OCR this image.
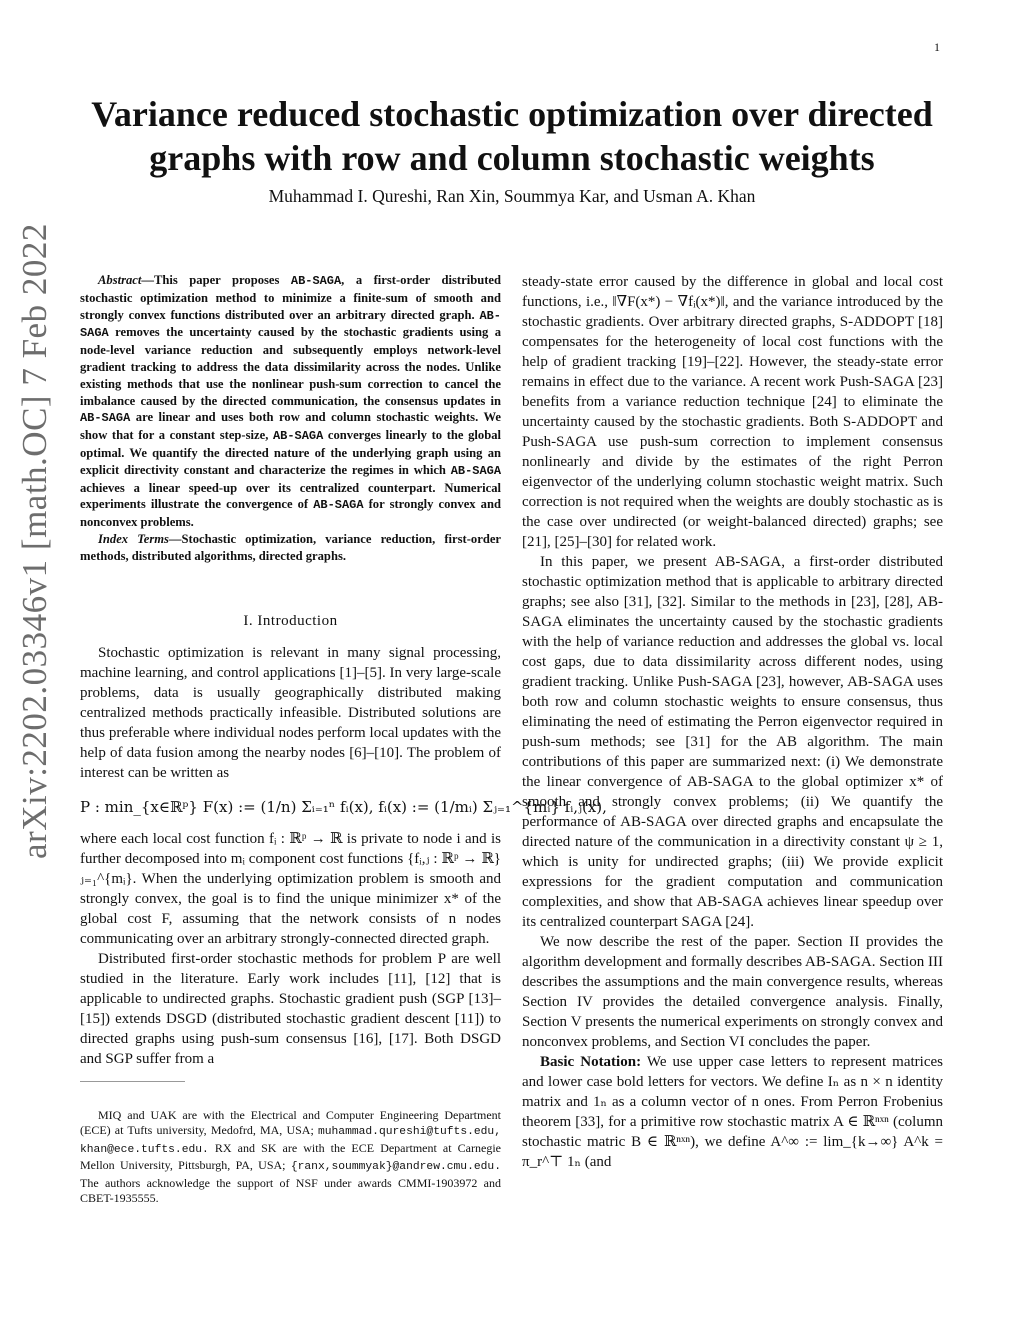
1
arXiv:2202.03346v1 [math.OC] 7 Feb 2022
Variance reduced stochastic optimization over directed graphs with row and column stochastic weights
Muhammad I. Qureshi, Ran Xin, Soummya Kar, and Usman A. Khan

Abstract—This paper proposes AB-SAGA, a first-order distributed stochastic optimization method to minimize a finite-sum of smooth and strongly convex functions distributed over an arbitrary directed graph. AB-SAGA removes the uncertainty caused by the stochastic gradients using a node-level variance reduction and subsequently employs network-level gradient tracking to address the data dissimilarity across the nodes. Unlike existing methods that use the nonlinear push-sum correction to cancel the imbalance caused by the directed communication, the consensus updates in AB-SAGA are linear and uses both row and column stochastic weights. We show that for a constant step-size, AB-SAGA converges linearly to the global optimal. We quantify the directed nature of the underlying graph using an explicit directivity constant and characterize the regimes in which AB-SAGA achieves a linear speed-up over its centralized counterpart. Numerical experiments illustrate the convergence of AB-SAGA for strongly convex and nonconvex problems.

Index Terms—Stochastic optimization, variance reduction, first-order methods, distributed algorithms, directed graphs.

I. Introduction

Stochastic optimization is relevant in many signal processing, machine learning, and control applications [1]–[5]. In very large-scale problems, data is usually geographically distributed making centralized methods practically infeasible. Distributed solutions are thus preferable where individual nodes perform local updates with the help of data fusion among the nearby nodes [6]–[10]. The problem of interest can be written as

P : min_{x∈ℝᵖ} F(x) := (1/n) Σᵢ₌₁ⁿ fᵢ(x), fᵢ(x) := (1/mᵢ) Σⱼ₌₁^{mᵢ} fᵢ,ⱼ(x),

where each local cost function fᵢ : ℝᵖ → ℝ is private to node i and is further decomposed into mᵢ component cost functions {fᵢ,ⱼ : ℝᵖ → ℝ}ⱼ₌₁^{mᵢ}. When the underlying optimization problem is smooth and strongly convex, the goal is to find the unique minimizer x* of the global cost F, assuming that the network consists of n nodes communicating over an arbitrary strongly-connected directed graph.

Distributed first-order stochastic methods for problem P are well studied in the literature. Early work includes [11], [12] that is applicable to undirected graphs. Stochastic gradient push (SGP [13]–[15]) extends DSGD (distributed stochastic gradient descent [11]) to directed graphs using push-sum consensus [16], [17]. Both DSGD and SGP suffer from a

MIQ and UAK are with the Electrical and Computer Engineering Department (ECE) at Tufts university, Medofrd, MA, USA; muhammad.qureshi@tufts.edu, khan@ece.tufts.edu. RX and SK are with the ECE Department at Carnegie Mellon University, Pittsburgh, PA, USA; {ranx,soummyak}@andrew.cmu.edu. The authors acknowledge the support of NSF under awards CMMI-1903972 and CBET-1935555.

steady-state error caused by the difference in global and local cost functions, i.e., ‖∇F(x*) − ∇fᵢ(x*)‖, and the variance introduced by the stochastic gradients. Over arbitrary directed graphs, S-ADDOPT [18] compensates for the heterogeneity of local cost functions with the help of gradient tracking [19]–[22]. However, the steady-state error remains in effect due to the variance. A recent work Push-SAGA [23] benefits from a variance reduction technique [24] to eliminate the uncertainty caused by the stochastic gradients. Both S-ADDOPT and Push-SAGA use push-sum correction to implement consensus nonlinearly and divide by the estimates of the right Perron eigenvector of the underlying column stochastic weight matrix. Such correction is not required when the weights are doubly stochastic as is the case over undirected (or weight-balanced directed) graphs; see [21], [25]–[30] for related work.

In this paper, we present AB-SAGA, a first-order distributed stochastic optimization method that is applicable to arbitrary directed graphs; see also [31], [32]. Similar to the methods in [23], [28], AB-SAGA eliminates the uncertainty caused by the stochastic gradients with the help of variance reduction and addresses the global vs. local cost gaps, due to data dissimilarity across different nodes, using gradient tracking. Unlike Push-SAGA [23], however, AB-SAGA uses both row and column stochastic weights to ensure consensus, thus eliminating the need of estimating the Perron eigenvector required in push-sum methods; see [31] for the AB algorithm. The main contributions of this paper are summarized next: (i) We demonstrate the linear convergence of AB-SAGA to the global optimizer x* of smooth and strongly convex problems; (ii) We quantify the performance of AB-SAGA over directed graphs and encapsulate the directed nature of the communication in a directivity constant ψ ≥ 1, which is unity for undirected graphs; (iii) We provide explicit expressions for the gradient computation and communication complexities, and show that AB-SAGA achieves linear speedup over its centralized counterpart SAGA [24].

We now describe the rest of the paper. Section II provides the algorithm development and formally describes AB-SAGA. Section III describes the assumptions and the main convergence results, whereas Section IV provides the detailed convergence analysis. Finally, Section V presents the numerical experiments on strongly convex and nonconvex problems, and Section VI concludes the paper.

Basic Notation: We use upper case letters to represent matrices and lower case bold letters for vectors. We define Iₙ as n × n identity matrix and 1ₙ as a column vector of n ones. From Perron Frobenius theorem [33], for a primitive row stochastic matrix A ∈ ℝⁿˣⁿ (column stochastic matric B ∈ ℝⁿˣⁿ), we define A^∞ := lim_{k→∞} A^k = π_r^⊤ 1ₙ (and
